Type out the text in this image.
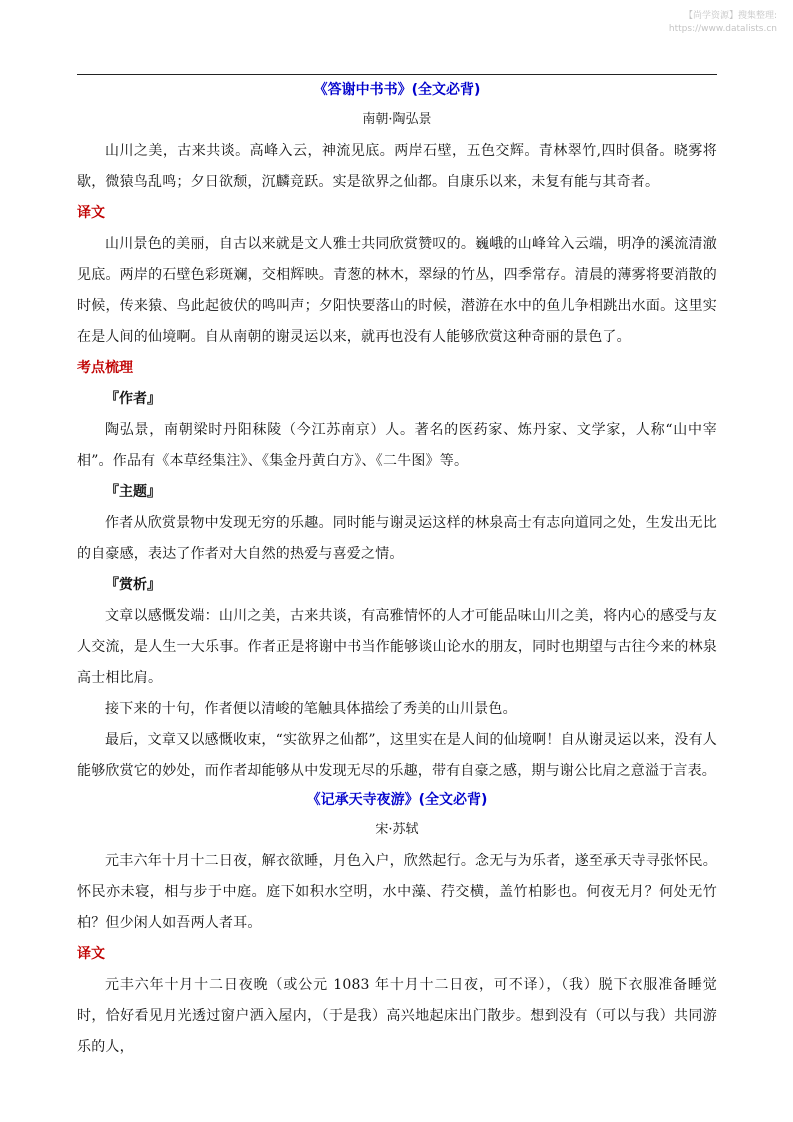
【尚学资源】搜集整理:
https://www.datalists.cn
《答谢中书书》(全文必背)
南朝·陶弘景

山川之美，古来共谈。高峰入云，神流见底。两岸石壁，五色交辉。青林翠竹,四时俱备。晓雾将歇，微猿鸟乱鸣；夕日欲颓，沉麟竞跃。实是欲界之仙都。自康乐以来，未复有能与其奇者。

译文

山川景色的美丽，自古以来就是文人雅士共同欣赏赞叹的。巍峨的山峰耸入云端，明净的溪流清澈见底。两岸的石壁色彩斑斓，交相辉映。青葱的林木，翠绿的竹丛，四季常存。清晨的薄雾将要消散的时候，传来猿、鸟此起彼伏的鸣叫声；夕阳快要落山的时候，潜游在水中的鱼儿争相跳出水面。这里实在是人间的仙境啊。自从南朝的谢灵运以来，就再也没有人能够欣赏这种奇丽的景色了。

考点梳理
『作者』

陶弘景，南朝梁时丹阳秣陵（今江苏南京）人。著名的医药家、炼丹家、文学家，人称“山中宰相”。作品有《本草经集注》、《集金丹黄白方》、《二牛图》等。

『主题』

作者从欣赏景物中发现无穷的乐趣。同时能与谢灵运这样的林泉高士有志向道同之处，生发出无比的自豪感，表达了作者对大自然的热爱与喜爱之情。

『赏析』

文章以感慨发端：山川之美，古来共谈，有高雅情怀的人才可能品味山川之美，将内心的感受与友人交流，是人生一大乐事。作者正是将谢中书当作能够谈山论水的朋友，同时也期望与古往今来的林泉高士相比肩。

接下来的十句，作者便以清峻的笔触具体描绘了秀美的山川景色。

最后，文章又以感慨收束，“实欲界之仙都”，这里实在是人间的仙境啊！自从谢灵运以来，没有人能够欣赏它的妙处，而作者却能够从中发现无尽的乐趣，带有自豪之感，期与谢公比肩之意溢于言表。

《记承天寺夜游》(全文必背)
宋·苏轼

元丰六年十月十二日夜，解衣欲睡，月色入户，欣然起行。念无与为乐者，遂至承天寺寻张怀民。怀民亦未寝，相与步于中庭。庭下如积水空明，水中藻、荇交横，盖竹柏影也。何夜无月？何处无竹柏？但少闲人如吾两人者耳。

译文

元丰六年十月十二日夜晚（或公元 1083 年十月十二日夜，可不译），（我）脱下衣服准备睡觉时，恰好看见月光透过窗户洒入屋内，（于是我）高兴地起床出门散步。想到没有（可以与我）共同游乐的人，
